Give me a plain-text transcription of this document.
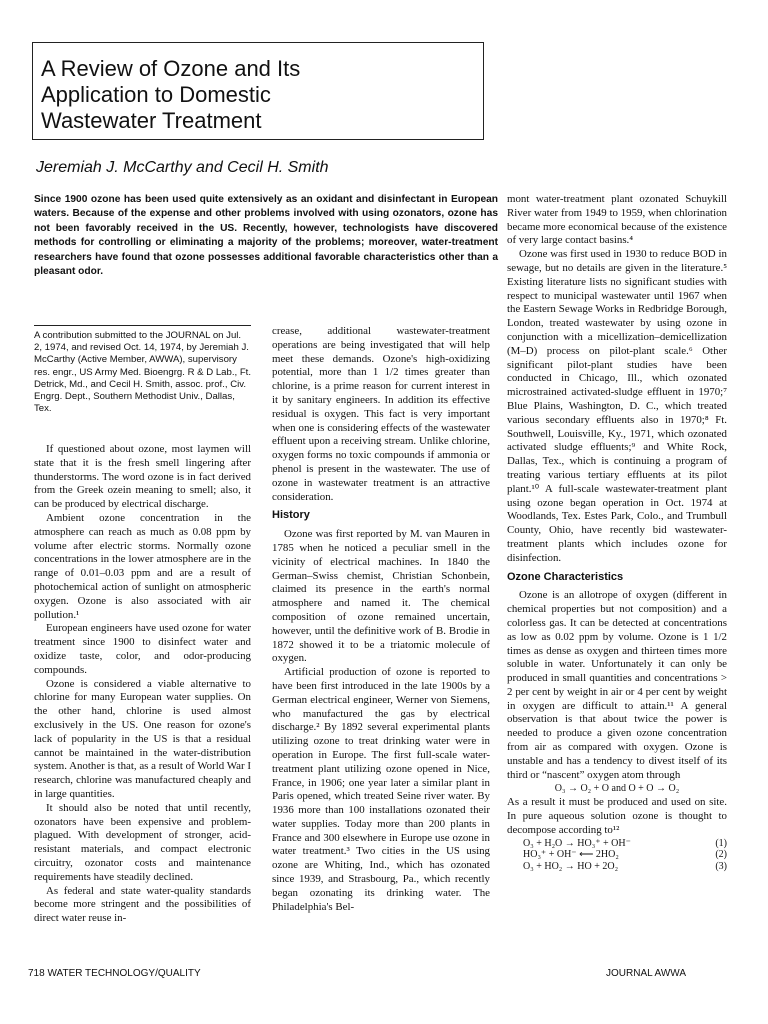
A Review of Ozone and Its
Application to Domestic
Wastewater Treatment
Jeremiah J. McCarthy and Cecil H. Smith
Since 1900 ozone has been used quite extensively as an oxidant and disinfectant in European waters. Because of the expense and other problems involved with using ozonators, ozone has not been favorably received in the US. Recently, however, technologists have discovered methods for controlling or eliminating a majority of the problems; moreover, water-treatment researchers have found that ozone possesses additional favorable characteristics other than a pleasant odor.
A contribution submitted to the JOURNAL on Jul. 2, 1974, and revised Oct. 14, 1974, by Jeremiah J. McCarthy (Active Member, AWWA), supervisory res. engr., US Army Med. Bioengrg. R & D Lab., Ft. Detrick, Md., and Cecil H. Smith, assoc. prof., Civ. Engrg. Dept., Southern Methodist Univ., Dallas, Tex.

If questioned about ozone, most laymen will state that it is the fresh smell lingering after thunderstorms. The word ozone is in fact derived from the Greek ozein meaning to smell; also, it can be produced by electrical discharge.

Ambient ozone concentration in the atmosphere can reach as much as 0.08 ppm by volume after electric storms. Normally ozone concentrations in the lower atmosphere are in the range of 0.01–0.03 ppm and are a result of photochemical action of sunlight on atmospheric oxygen. Ozone is also associated with air pollution.¹

European engineers have used ozone for water treatment since 1900 to disinfect water and oxidize taste, color, and odor-producing compounds.

Ozone is considered a viable alternative to chlorine for many European water supplies. On the other hand, chlorine is used almost exclusively in the US. One reason for ozone's lack of popularity in the US is that a residual cannot be maintained in the water-distribution system. Another is that, as a result of World War I research, chlorine was manufactured cheaply and in large quantities.

It should also be noted that until recently, ozonators have been expensive and problem-plagued. With development of stronger, acid-resistant materials, and compact electronic circuitry, ozonator costs and maintenance requirements have steadily declined.

As federal and state water-quality standards become more stringent and the possibilities of direct water reuse in-

crease, additional wastewater-treatment operations are being investigated that will help meet these demands. Ozone's high-oxidizing potential, more than 1 1/2 times greater than chlorine, is a prime reason for current interest in it by sanitary engineers. In addition its effective residual is oxygen. This fact is very important when one is considering effects of the wastewater effluent upon a receiving stream. Unlike chlorine, oxygen forms no toxic compounds if ammonia or phenol is present in the wastewater. The use of ozone in wastewater treatment is an attractive consideration.

History

Ozone was first reported by M. van Mauren in 1785 when he noticed a peculiar smell in the vicinity of electrical machines. In 1840 the German–Swiss chemist, Christian Schonbein, claimed its presence in the earth's normal atmosphere and named it. The chemical composition of ozone remained uncertain, however, until the definitive work of B. Brodie in 1872 showed it to be a triatomic molecule of oxygen.

Artificial production of ozone is reported to have been first introduced in the late 1900s by a German electrical engineer, Werner von Siemens, who manufactured the gas by electrical discharge.² By 1892 several experimental plants utilizing ozone to treat drinking water were in operation in Europe. The first full-scale water-treatment plant utilizing ozone opened in Nice, France, in 1906; one year later a similar plant in Paris opened, which treated Seine river water. By 1936 more than 100 installations ozonated their water supplies. Today more than 200 plants in France and 300 elsewhere in Europe use ozone in water treatment.³ Two cities in the US using ozone are Whiting, Ind., which has ozonated since 1939, and Strasbourg, Pa., which recently began ozonating its drinking water. The Philadelphia's Bel-

mont water-treatment plant ozonated Schuykill River water from 1949 to 1959, when chlorination became more economical because of the existence of very large contact basins.⁴

Ozone was first used in 1930 to reduce BOD in sewage, but no details are given in the literature.⁵ Existing literature lists no significant studies with respect to municipal wastewater until 1967 when the Eastern Sewage Works in Redbridge Borough, London, treated wastewater by using ozone in conjunction with a micellization–demicellization (M–D) process on pilot-plant scale.⁶ Other significant pilot-plant studies have been conducted in Chicago, Ill., which ozonated microstrained activated-sludge effluent in 1970;⁷ Blue Plains, Washington, D. C., which treated various secondary effluents also in 1970;⁸ Ft. Southwell, Louisville, Ky., 1971, which ozonated activated sludge effluents;⁹ and White Rock, Dallas, Tex., which is continuing a program of treating various tertiary effluents at its pilot plant.¹⁰ A full-scale wastewater-treatment plant using ozone began operation in Oct. 1974 at Woodlands, Tex. Estes Park, Colo., and Trumbull County, Ohio, have recently bid wastewater-treatment plants which includes ozone for disinfection.

Ozone Characteristics

Ozone is an allotrope of oxygen (different in chemical properties but not composition) and a colorless gas. It can be detected at concentrations as low as 0.02 ppm by volume. Ozone is 1 1/2 times as dense as oxygen and thirteen times more soluble in water. Unfortunately it can only be produced in small quantities and concentrations > 2 per cent by weight in air or 4 per cent by weight in oxygen are difficult to attain.¹¹ A general observation is that about twice the power is needed to produce a given ozone concentration from air as compared with oxygen. Ozone is unstable and has a tendency to divest itself of its third or “nascent” oxygen atom through

O₃ → O₂ + O and O + O → O₂

As a result it must be produced and used on site. In pure aqueous solution ozone is thought to decompose according to¹²

O₃ + H₂O → HO₃⁺ + OH⁻	(1)
HO₃⁺ + OH⁻ ⟵ 2HO₂	(2)
O₃ + HO₂ → HO + 2O₂	(3)
718 WATER TECHNOLOGY/QUALITY	JOURNAL AWWA
